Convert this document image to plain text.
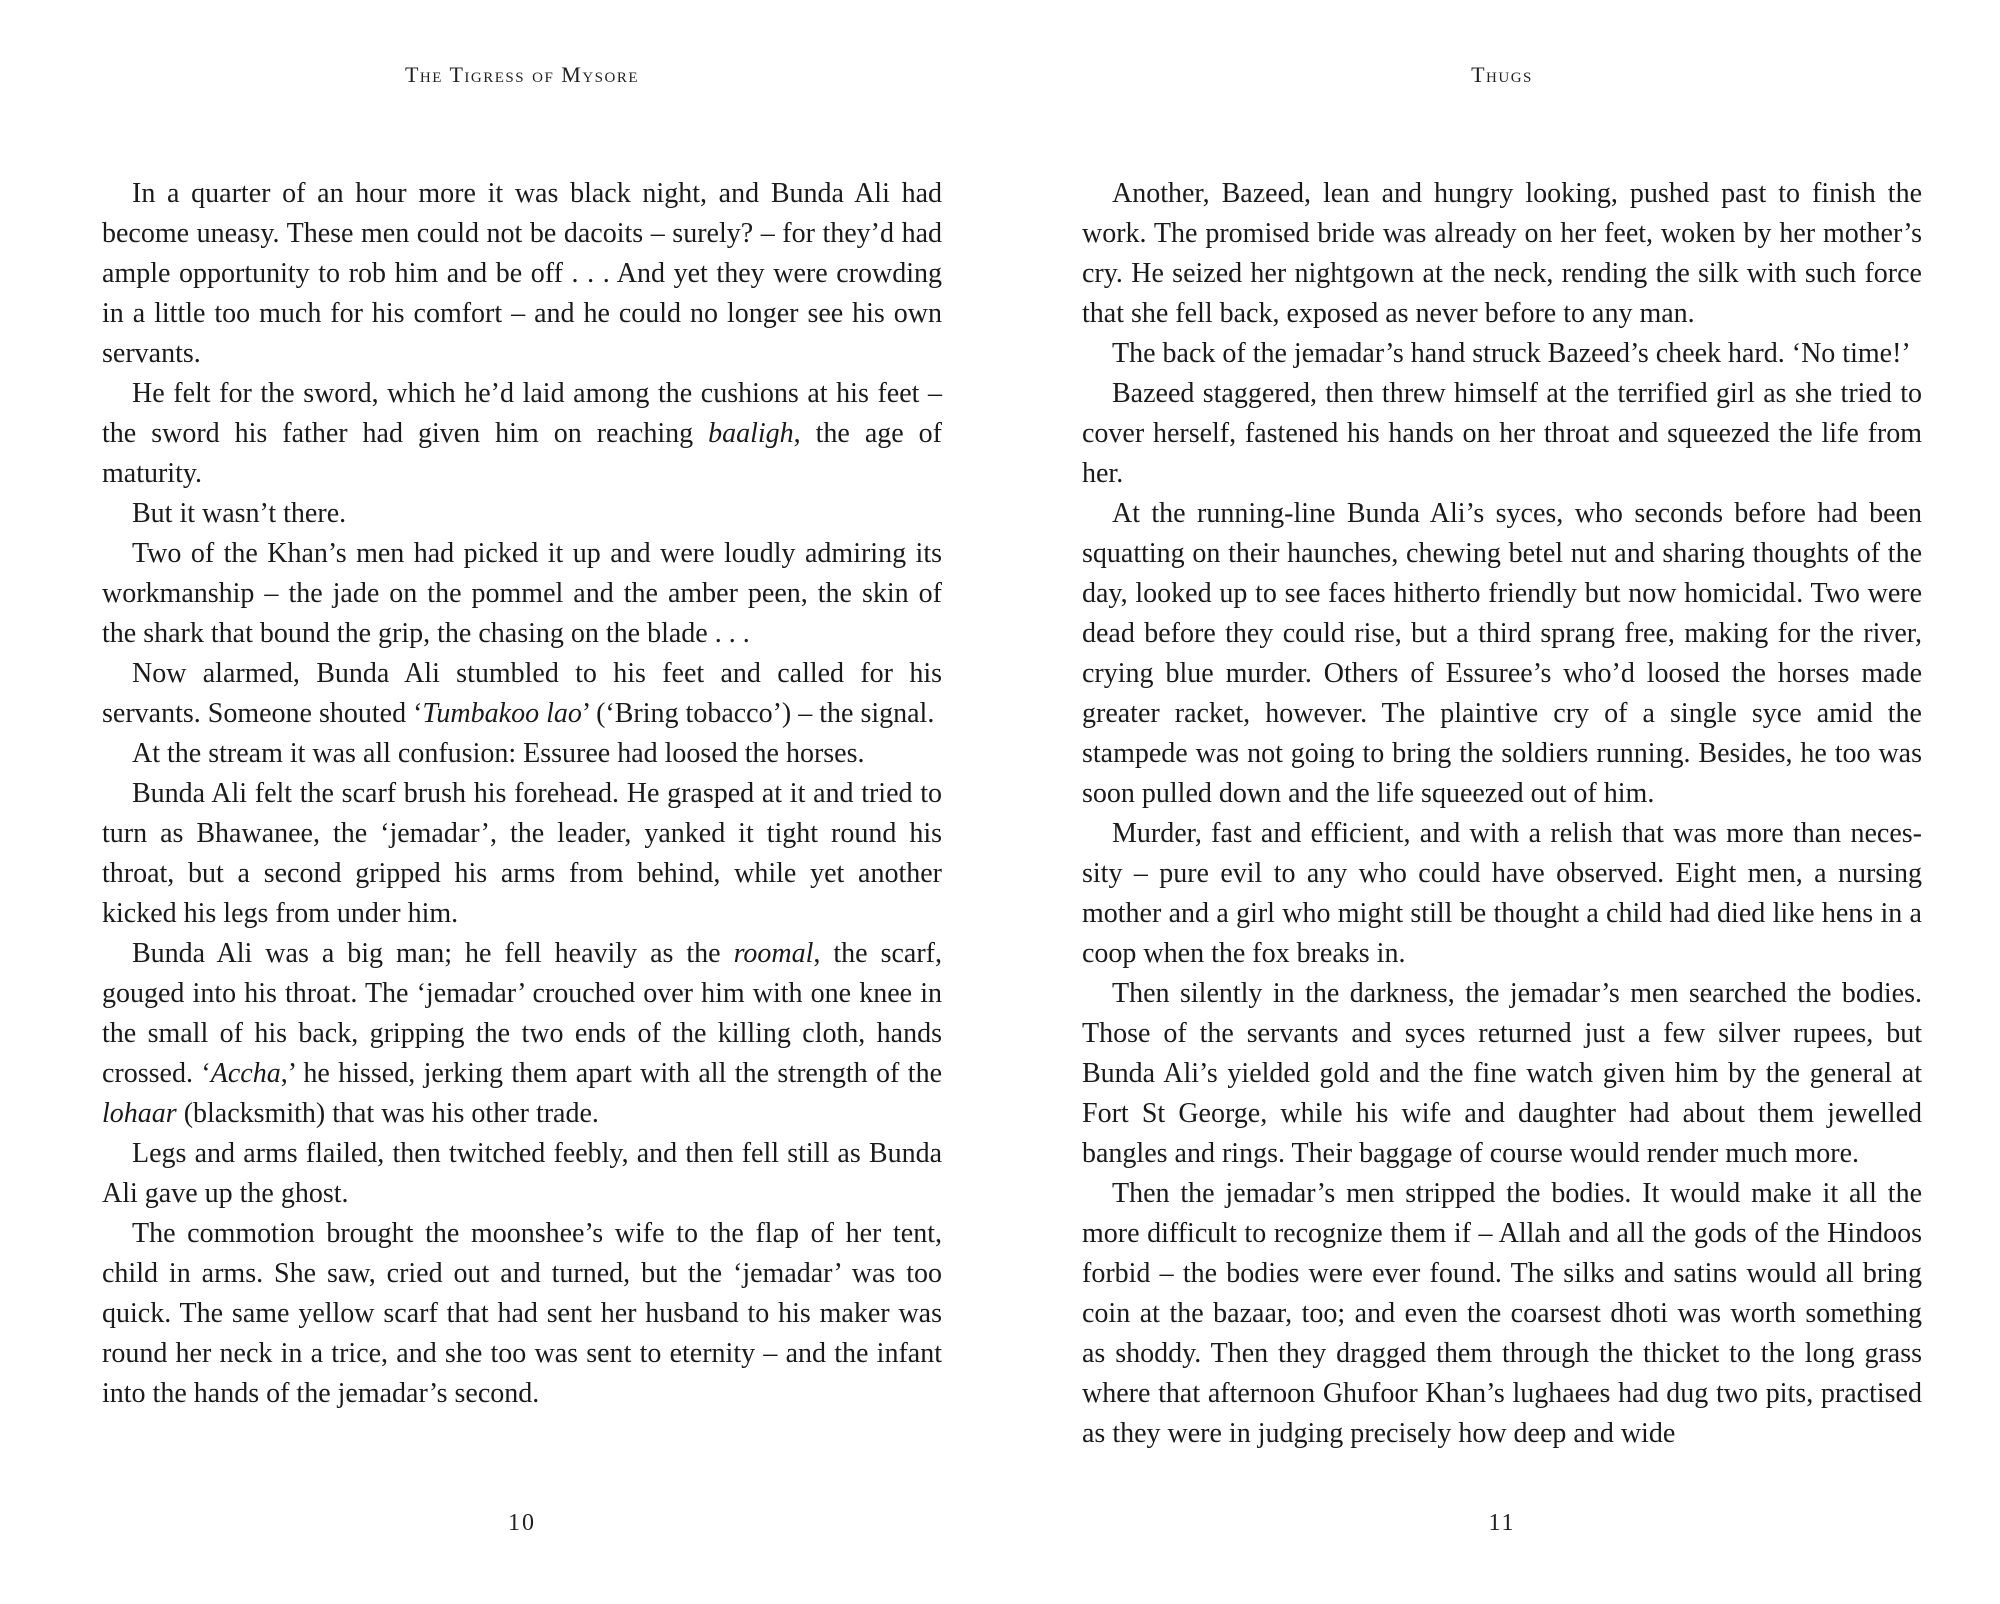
The Tigress of Mysore

In a quarter of an hour more it was black night, and Bunda Ali had become uneasy. These men could not be dacoits – surely? – for they’d had ample opportunity to rob him and be off . . . And yet they were crowding in a little too much for his comfort – and he could no longer see his own servants.

He felt for the sword, which he’d laid among the cushions at his feet – the sword his father had given him on reaching baaligh, the age of maturity.

But it wasn’t there.

Two of the Khan’s men had picked it up and were loudly admiring its workmanship – the jade on the pommel and the amber peen, the skin of the shark that bound the grip, the chasing on the blade . . .

Now alarmed, Bunda Ali stumbled to his feet and called for his servants. Someone shouted ‘Tumbakoo lao’ (‘Bring tobacco’) – the signal.

At the stream it was all confusion: Essuree had loosed the horses.

Bunda Ali felt the scarf brush his forehead. He grasped at it and tried to turn as Bhawanee, the ‘jemadar’, the leader, yanked it tight round his throat, but a second gripped his arms from behind, while yet another kicked his legs from under him.

Bunda Ali was a big man; he fell heavily as the roomal, the scarf, gouged into his throat. The ‘jemadar’ crouched over him with one knee in the small of his back, gripping the two ends of the killing cloth, hands crossed. ‘Accha,’ he hissed, jerking them apart with all the strength of the lohaar (blacksmith) that was his other trade.

Legs and arms flailed, then twitched feebly, and then fell still as Bunda Ali gave up the ghost.

The commotion brought the moonshee’s wife to the flap of her tent, child in arms. She saw, cried out and turned, but the ‘jemadar’ was too quick. The same yellow scarf that had sent her husband to his maker was round her neck in a trice, and she too was sent to eternity – and the infant into the hands of the jemadar’s second.

10
Thugs

Another, Bazeed, lean and hungry looking, pushed past to finish the work. The promised bride was already on her feet, woken by her mother’s cry. He seized her nightgown at the neck, rending the silk with such force that she fell back, exposed as never before to any man.

The back of the jemadar’s hand struck Bazeed’s cheek hard. ‘No time!’

Bazeed staggered, then threw himself at the terrified girl as she tried to cover herself, fastened his hands on her throat and squeezed the life from her.

At the running-line Bunda Ali’s syces, who seconds before had been squatting on their haunches, chewing betel nut and sharing thoughts of the day, looked up to see faces hitherto friendly but now homicidal. Two were dead before they could rise, but a third sprang free, making for the river, crying blue murder. Others of Essuree’s who’d loosed the horses made greater racket, however. The plaintive cry of a single syce amid the stampede was not going to bring the soldiers running. Besides, he too was soon pulled down and the life squeezed out of him.

Murder, fast and efficient, and with a relish that was more than necessity – pure evil to any who could have observed. Eight men, a nursing mother and a girl who might still be thought a child had died like hens in a coop when the fox breaks in.

Then silently in the darkness, the jemadar’s men searched the bodies. Those of the servants and syces returned just a few silver rupees, but Bunda Ali’s yielded gold and the fine watch given him by the general at Fort St George, while his wife and daughter had about them jewelled bangles and rings. Their baggage of course would render much more.

Then the jemadar’s men stripped the bodies. It would make it all the more difficult to recognize them if – Allah and all the gods of the Hindoos forbid – the bodies were ever found. The silks and satins would all bring coin at the bazaar, too; and even the coarsest dhoti was worth something as shoddy. Then they dragged them through the thicket to the long grass where that afternoon Ghufoor Khan’s lughaees had dug two pits, practised as they were in judging precisely how deep and wide

11
